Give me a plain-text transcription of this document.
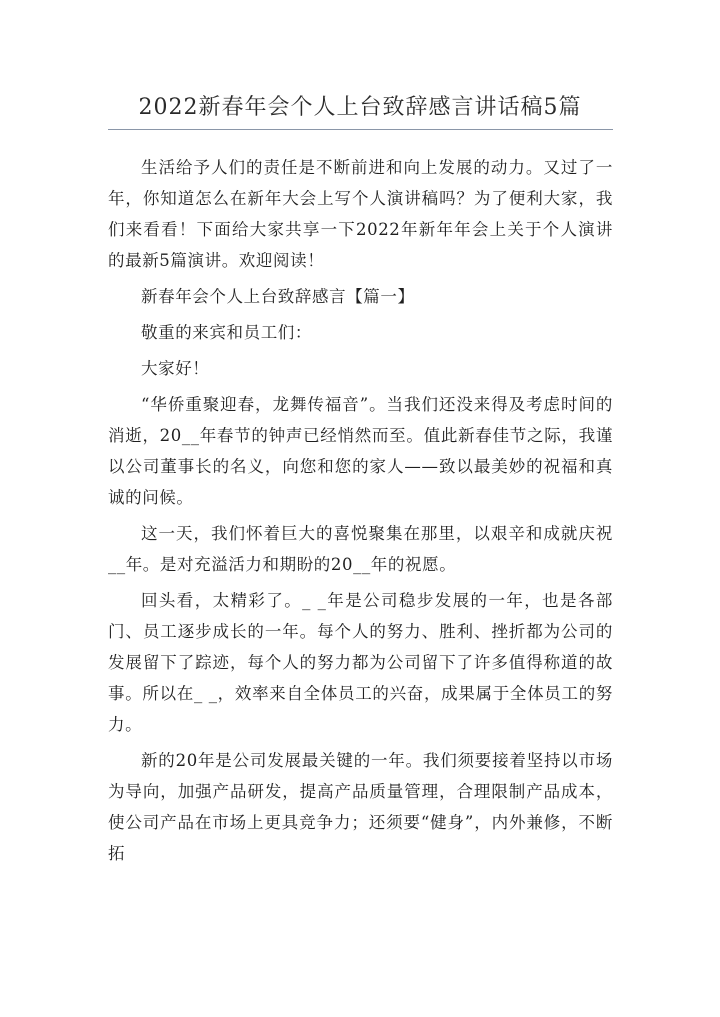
2022新春年会个人上台致辞感言讲话稿5篇

生活给予人们的责任是不断前进和向上发展的动力。又过了一年，你知道怎么在新年大会上写个人演讲稿吗？为了便利大家，我们来看看！下面给大家共享一下2022年新年年会上关于个人演讲的最新5篇演讲。欢迎阅读！

新春年会个人上台致辞感言【篇一】

敬重的来宾和员工们：

大家好！

“华侨重聚迎春，龙舞传福音”。当我们还没来得及考虑时间的消逝，20__年春节的钟声已经悄然而至。值此新春佳节之际，我谨以公司董事长的名义，向您和您的家人——致以最美妙的祝福和真诚的问候。

这一天，我们怀着巨大的喜悦聚集在那里，以艰辛和成就庆祝__年。是对充溢活力和期盼的20__年的祝愿。

回头看，太精彩了。_ _年是公司稳步发展的一年，也是各部门、员工逐步成长的一年。每个人的努力、胜利、挫折都为公司的发展留下了踪迹，每个人的努力都为公司留下了许多值得称道的故事。所以在_ _，效率来自全体员工的兴奋，成果属于全体员工的努力。

新的20年是公司发展最关键的一年。我们须要接着坚持以市场为导向，加强产品研发，提高产品质量管理，合理限制产品成本，使公司产品在市场上更具竞争力；还须要“健身”，内外兼修，不断拓
